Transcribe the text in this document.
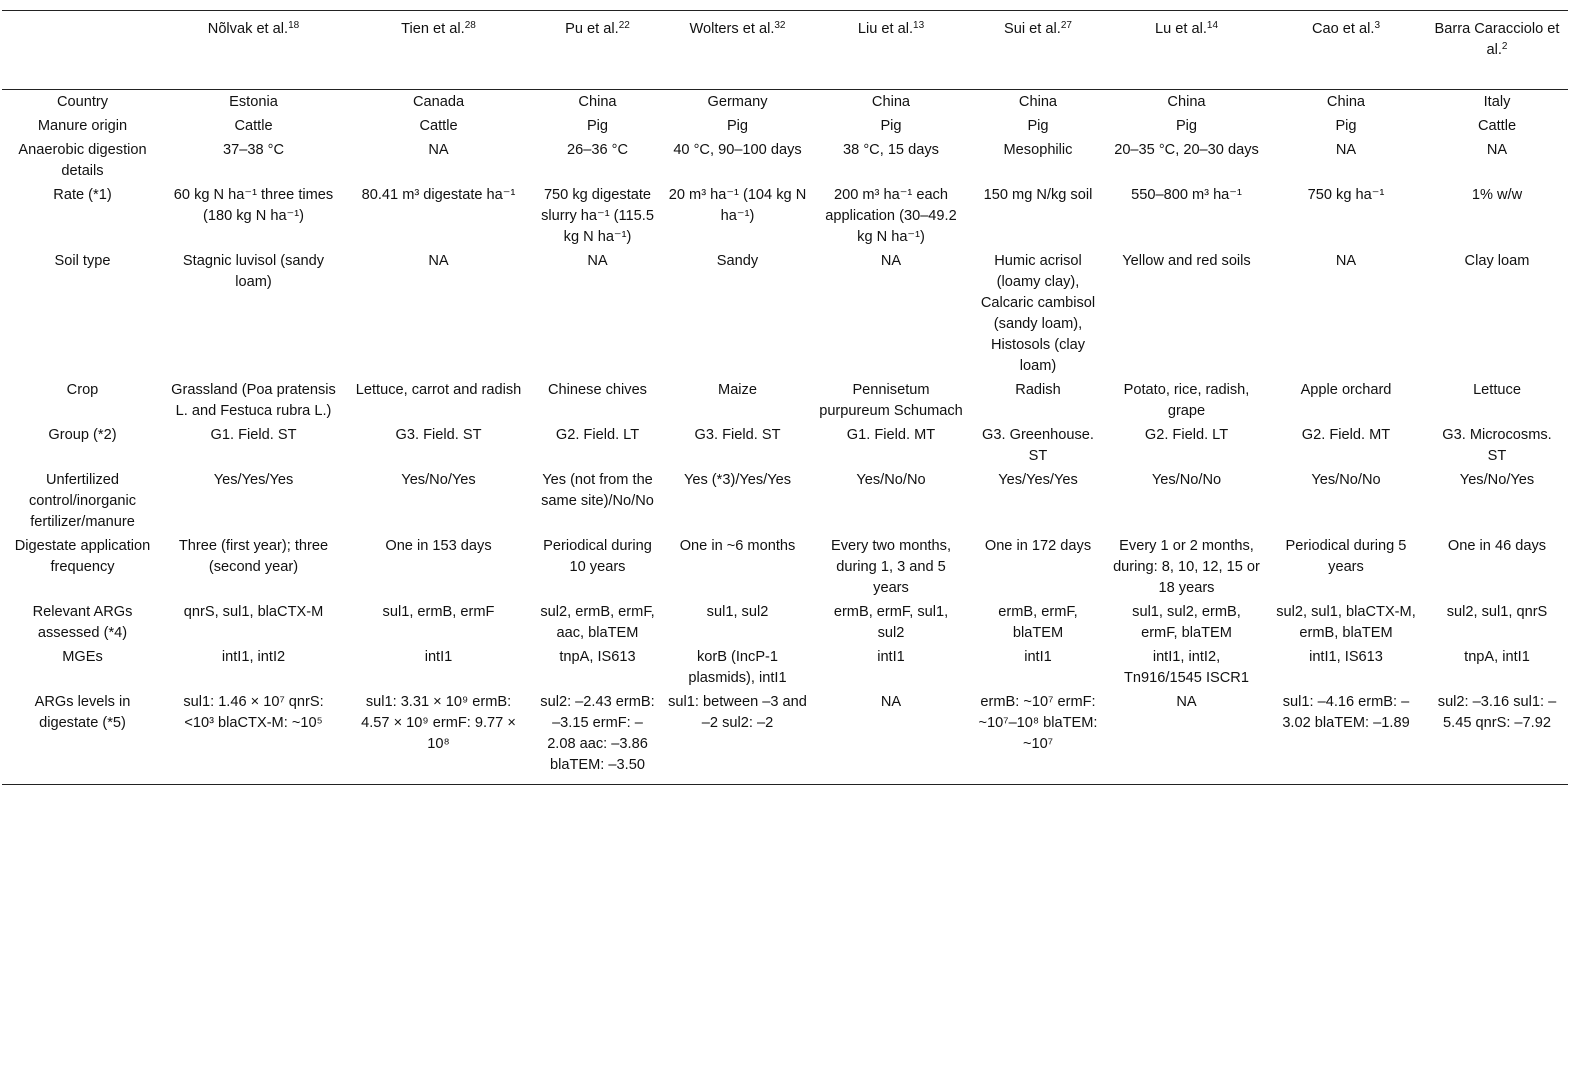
	Nõlvak et al.$^{18}$	Tien et al.$^{28}$	Pu et al.$^{22}$	Wolters et al.$^{32}$	Liu et al.$^{13}$	Sui et al.$^{27}$	Lu et al.$^{14}$	Cao et al.$^3$	Barra Caracciolo et al.$^2$
Country	Estonia	Canada	China	Germany	China	China	China	China	Italy
Manure origin	Cattle	Cattle	Pig	Pig	Pig	Pig	Pig	Pig	Cattle
Anaerobic digestion details	37–38 °C	NA	26–36 °C	40 °C, 90–100 days	38 °C, 15 days	Mesophilic	20–35 °C, 20–30 days	NA	NA
Rate (*1)	60 kg N ha⁻¹ three times (180 kg N ha⁻¹)	80.41 m³ digestate ha⁻¹	750 kg digestate slurry ha⁻¹ (115.5 kg N ha⁻¹)	20 m³ ha⁻¹ (104 kg N ha⁻¹)	200 m³ ha⁻¹ each application (30–49.2 kg N ha⁻¹)	150 mg N/kg soil	550–800 m³ ha⁻¹	750 kg ha⁻¹	1% w/w
Soil type	Stagnic luvisol (sandy loam)	NA	NA	Sandy	NA	Humic acrisol (loamy clay), Calcaric cambisol (sandy loam), Histosols (clay loam)	Yellow and red soils	NA	Clay loam
Crop	Grassland (Poa pratensis L. and Festuca rubra L.)	Lettuce, carrot and radish	Chinese chives	Maize	Pennisetum purpureum Schumach	Radish	Potato, rice, radish, grape	Apple orchard	Lettuce
Group (*2)	G1. Field. ST	G3. Field. ST	G2. Field. LT	G3. Field. ST	G1. Field. MT	G3. Greenhouse. ST	G2. Field. LT	G2. Field. MT	G3. Microcosms. ST
Unfertilized control/inorganic fertilizer/manure	Yes/Yes/Yes	Yes/No/Yes	Yes (not from the same site)/No/No	Yes (*3)/Yes/Yes	Yes/No/No	Yes/Yes/Yes	Yes/No/No	Yes/No/No	Yes/No/Yes
Digestate application frequency	Three (first year); three (second year)	One in 153 days	Periodical during 10 years	One in ~6 months	Every two months, during 1, 3 and 5 years	One in 172 days	Every 1 or 2 months, during: 8, 10, 12, 15 or 18 years	Periodical during 5 years	One in 46 days
Relevant ARGs assessed (*4)	qnrS, sul1, blaCTX-M	sul1, ermB, ermF	sul2, ermB, ermF, aac, blaTEM	sul1, sul2	ermB, ermF, sul1, sul2	ermB, ermF, blaTEM	sul1, sul2, ermB, ermF, blaTEM	sul2, sul1, blaCTX-M, ermB, blaTEM	sul2, sul1, qnrS
MGEs	intI1, intI2	intI1	tnpA, IS613	korB (IncP-1 plasmids), intI1	intI1	intI1	intI1, intI2, Tn916/1545 ISCR1	intI1, IS613	tnpA, intI1
ARGs levels in digestate (*5)	sul1: 1.46 × 10⁷ qnrS: <10³ blaCTX-M: ~10⁵	sul1: 3.31 × 10⁹ ermB: 4.57 × 10⁹ ermF: 9.77 × 10⁸	sul2: –2.43 ermB: –3.15 ermF: –2.08 aac: –3.86 blaTEM: –3.50	sul1: between –3 and –2 sul2: –2	NA	ermB: ~10⁷ ermF: ~10⁷–10⁸ blaTEM: ~10⁷	NA	sul1: –4.16 ermB: –3.02 blaTEM: –1.89	sul2: –3.16 sul1: –5.45 qnrS: –7.92
